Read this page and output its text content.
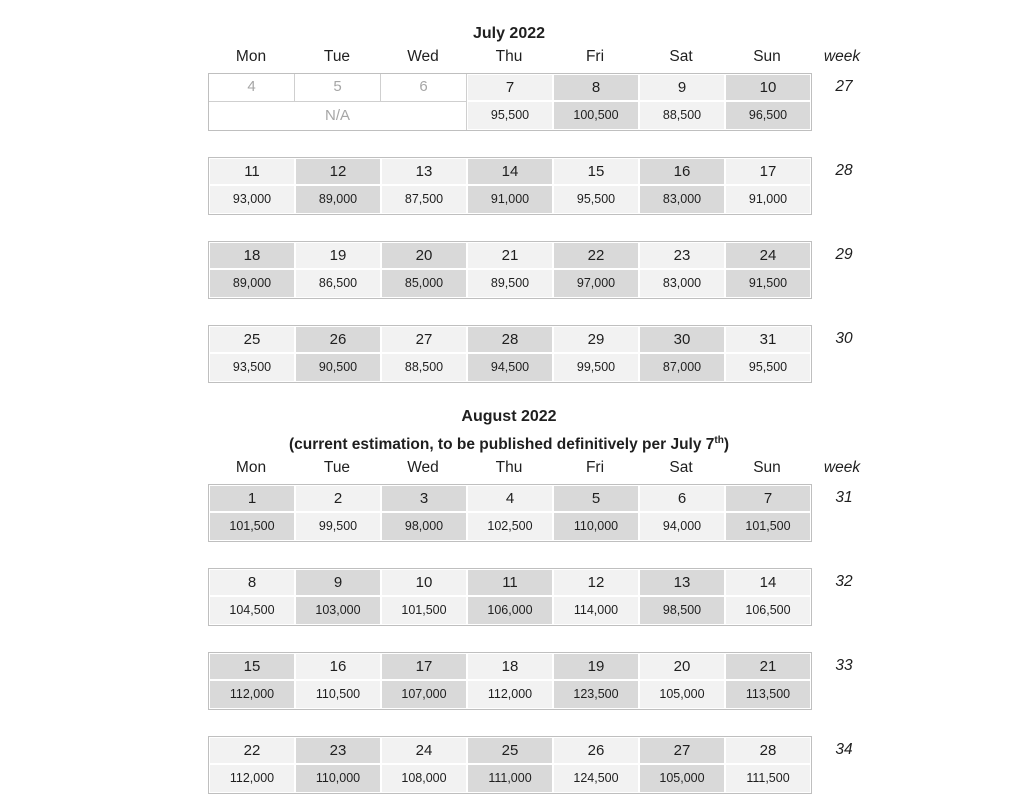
July 2022
Mon	Tue	Wed	Thu	Fri	Sat	Sun	week
4	5	6	7	8	9	10
N/A	95,500	100,500	88,500	96,500
27
11	12	13	14	15	16	17
93,000	89,000	87,500	91,000	95,500	83,000	91,000
28
18	19	20	21	22	23	24
89,000	86,500	85,000	89,500	97,000	83,000	91,500
29
25	26	27	28	29	30	31
93,500	90,500	88,500	94,500	99,500	87,000	95,500
30
August 2022
(current estimation, to be published definitively per July 7th)
Mon	Tue	Wed	Thu	Fri	Sat	Sun	week
1	2	3	4	5	6	7
101,500	99,500	98,000	102,500	110,000	94,000	101,500
31
8	9	10	11	12	13	14
104,500	103,000	101,500	106,000	114,000	98,500	106,500
32
15	16	17	18	19	20	21
112,000	110,500	107,000	112,000	123,500	105,000	113,500
33
22	23	24	25	26	27	28
112,000	110,000	108,000	111,000	124,500	105,000	111,500
34
